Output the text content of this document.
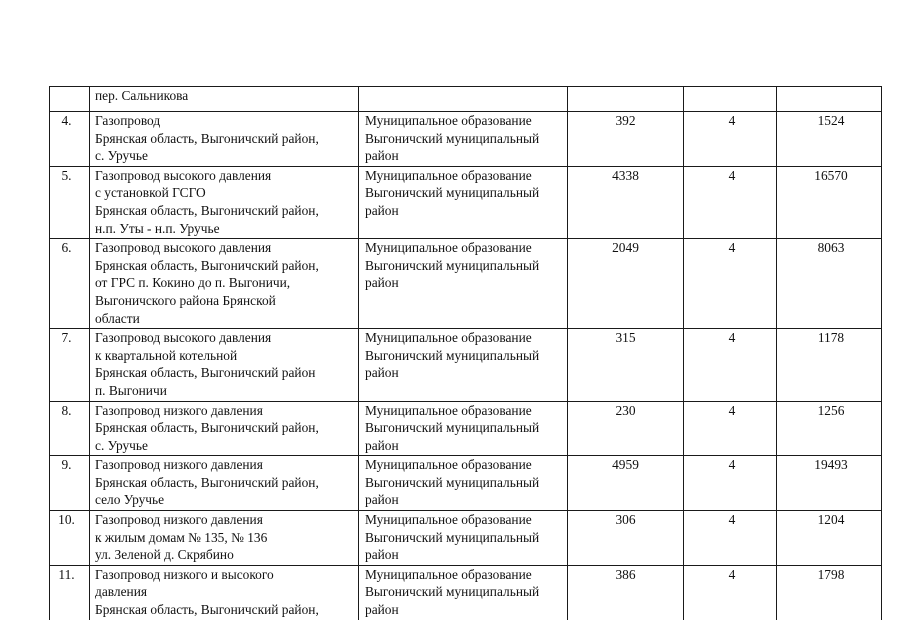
	пер. Сальникова				
4.	Газопровод
Брянская область, Выгоничский район,
с. Уручье	Муниципальное образование
Выгоничский муниципальный
район	392	4	1524
5.	Газопровод высокого давления
с установкой ГСГО
Брянская область, Выгоничский район,
н.п. Уты - н.п. Уручье	Муниципальное образование
Выгоничский муниципальный
район	4338	4	16570
6.	Газопровод высокого давления
Брянская область, Выгоничский район,
от ГРС п. Кокино до п. Выгоничи,
Выгоничского района Брянской
области	Муниципальное образование
Выгоничский муниципальный
район	2049	4	8063
7.	Газопровод высокого давления
к квартальной котельной
Брянская область, Выгоничский район
п. Выгоничи	Муниципальное образование
Выгоничский муниципальный
район	315	4	1178
8.	Газопровод низкого давления
Брянская область, Выгоничский район,
с. Уручье	Муниципальное образование
Выгоничский муниципальный
район	230	4	1256
9.	Газопровод низкого давления
Брянская область, Выгоничский район,
село Уручье	Муниципальное образование
Выгоничский муниципальный
район	4959	4	19493
10.	Газопровод низкого давления
к жилым домам № 135, № 136
ул. Зеленой д. Скрябино	Муниципальное образование
Выгоничский муниципальный
район	306	4	1204
11.	Газопровод низкого и высокого
давления
Брянская область, Выгоничский район,	Муниципальное образование
Выгоничский муниципальный
район	386	4	1798
